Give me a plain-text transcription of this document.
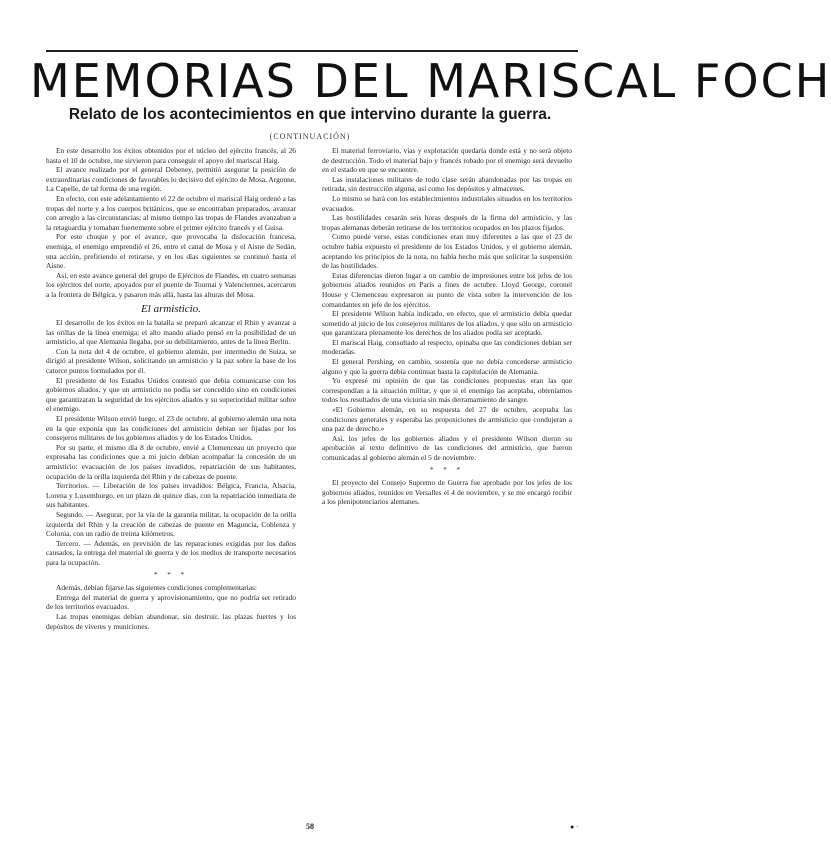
MEMORIAS DEL MARISCAL FOCH
Relato de los acontecimientos en que intervino durante la guerra.
(CONTINUACIÓN)

En este desarrollo los éxitos obtenidos por el núcleo del ejército francés, al 26 hasta el 10 de octubre, me sirvieron para conseguir el apoyo del mariscal Haig.

El avance realizado por el general Debeney, permitió asegurar la posición de extraordinarias condiciones de favorables lo decisivo del ejército de Mosa, Argonne, La Capelle, de tal forma de una región.

En efecto, con este adelantamiento el 22 de octubre el mariscal Haig ordenó a las tropas del norte y a los cuerpos británicos, que se encontraban preparados, avanzar con arreglo a las circunstancias; al mismo tiempo las tropas de Flandes avanzaban a la retaguardia y tomaban fuertemente sobre el primer ejército francés y el Guisa.

Por este choque y por el avance, que provocaba la dislocación francesa, enemiga, el enemigo emprendió el 26, entre el canal de Mosa y el Aisne de Sedán, una acción, prefiriendo el retirarse, y en los días siguientes se continuó hasta el Aisne.

Así, en este avance general del grupo de Ejércitos de Flandes, en cuatro semanas los ejércitos del norte, apoyados por el puente de Tournai y Valenciennes, acercaron a la frontera de Bélgica, y pasaron más allá, hasta las alturas del Mosa.

El armisticio.

El desarrollo de los éxitos en la batalla se preparó alcanzar el Rhin y avanzar a las orillas de la línea enemiga; el alto mando aliado pensó en la posibilidad de un armisticio, al que Alemania llegaba, por su debilitamiento, antes de la línea Berlín.

Con la nota del 4 de octubre, el gobierno alemán, por intermedio de Suiza, se dirigió al presidente Wilson, solicitando un armisticio y la paz sobre la base de los catorce puntos formulados por él.

El presidente de los Estados Unidos contestó que debía comunicarse con los gobiernos aliados, y que un armisticio no podía ser concedido sino en condiciones que garantizaran la seguridad de los ejércitos aliados y su superioridad militar sobre el enemigo.

El presidente Wilson envió luego, el 23 de octubre, al gobierno alemán una nota en la que exponía que las condiciones del armisticio debían ser fijadas por los consejeros militares de los gobiernos aliados y de los Estados Unidos.

Por su parte, el mismo día 8 de octubre, envié a Clemenceau un proyecto que expresaba las condiciones que a mi juicio debían acompañar la concesión de un armisticio: evacuación de los países invadidos, repatriación de sus habitantes, ocupación de la orilla izquierda del Rhin y de cabezas de puente.

Territorios. — Liberación de los países invadidos: Bélgica, Francia, Alsacia, Lorena y Luxemburgo, en un plazo de quince días, con la repatriación inmediata de sus habitantes.

Segundo. — Asegurar, por la vía de la garantía militar, la ocupación de la orilla izquierda del Rhin y la creación de cabezas de puente en Maguncia, Coblenza y Colonia, con un radio de treinta kilómetros.

Tercero. — Además, en previsión de las reparaciones exigidas por los daños causados, la entrega del material de guerra y de los medios de transporte necesarios para la ocupación.

* * *

Además, debían fijarse las siguientes condiciones complementarias:

Entrega del material de guerra y aprovisionamiento, que no podría ser retirado de los territorios evacuados.

Las tropas enemigas debían abandonar, sin destruir, las plazas fuertes y los depósitos de víveres y municiones.

El material ferroviario, vías y explotación quedaría donde está y no será objeto de destrucción. Todo el material bajo y francés robado por el enemigo será devuelto en el estado en que se encuentre.

Las instalaciones militares de todo clase serán abandonadas por las tropas en retirada, sin destrucción alguna, así como los depósitos y almacenes.

Lo mismo se hará con los establecimientos industriales situados en los territorios evacuados.

Las hostilidades cesarán seis horas después de la firma del armisticio, y las tropas alemanas deberán retirarse de los territorios ocupados en los plazos fijados.

Como puede verse, estas condiciones eran muy diferentes a las que el 23 de octubre había expuesto el presidente de los Estados Unidos, y el gobierno alemán, aceptando los principios de la nota, no había hecho más que solicitar la suspensión de las hostilidades.

Estas diferencias dieron lugar a un cambio de impresiones entre los jefes de los gobiernos aliados reunidos en París a fines de octubre. Lloyd George, coronel House y Clemenceau expresaron su punto de vista sobre la intervención de los comandantes en jefe de los ejércitos.

El presidente Wilson había indicado, en efecto, que el armisticio debía quedar sometido al juicio de los consejeros militares de los aliados, y que sólo un armisticio que garantizara plenamente los derechos de los aliados podía ser aceptado.

El mariscal Haig, consultado al respecto, opinaba que las condiciones debían ser moderadas.

El general Pershing, en cambio, sostenía que no debía concederse armisticio alguno y que la guerra debía continuar hasta la capitulación de Alemania.

Yo expresé mi opinión de que las condiciones propuestas eran las que correspondían a la situación militar, y que si el enemigo las aceptaba, obteníamos todos los resultados de una victoria sin más derramamiento de sangre.

«El Gobierno alemán, en su respuesta del 27 de octubre, aceptaba las condiciones generales y esperaba las proposiciones de armisticio que condujeran a una paz de derecho.»

Así, los jefes de los gobiernos aliados y el presidente Wilson dieron su aprobación al texto definitivo de las condiciones del armisticio, que fueron comunicadas al gobierno alemán el 5 de noviembre.

* * *

El proyecto del Consejo Supremo de Guerra fue aprobado por los jefes de los gobiernos aliados, reunidos en Versalles el 4 de noviembre, y se me encargó recibir a los plenipotenciarios alemanes.

58	●·
